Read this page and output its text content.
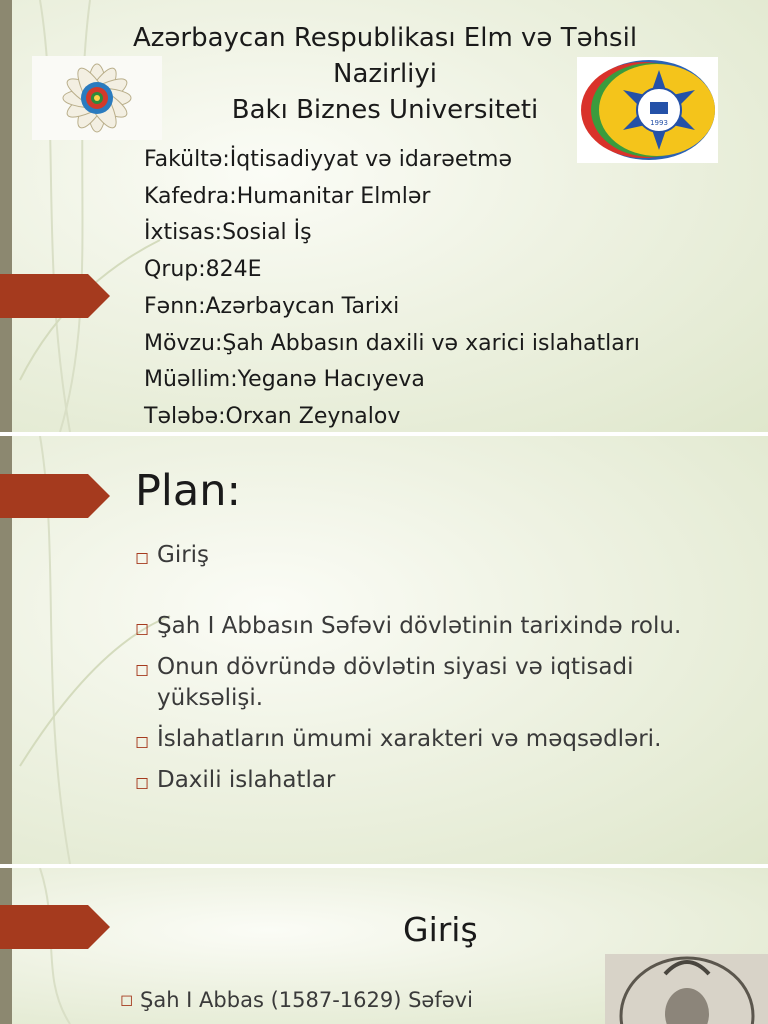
Azərbaycan Respublikası Elm və Təhsil
Nazirliyi
Bakı Biznes Universiteti	1993
Fakültə:İqtisadiyyat və idarəetmə
Kafedra:Humanitar Elmlər
İxtisas:Sosial İş
Qrup:824E
Fənn:Azərbaycan Tarixi
Mövzu:Şah Abbasın daxili və xarici islahatları
Müəllim:Yeganə Hacıyeva
Tələbə:Orxan Zeynalov
Plan:
◻ Giriş
◻ Şah I Abbasın Səfəvi dövlətinin tarixində rolu.
◻ Onun dövründə dövlətin siyasi və iqtisadi yüksəlişi.
◻ İslahatların ümumi xarakteri və məqsədləri.
◻ Daxili islahatlar
Giriş
◻ Şah I Abbas (1587-1629) Səfəvi
